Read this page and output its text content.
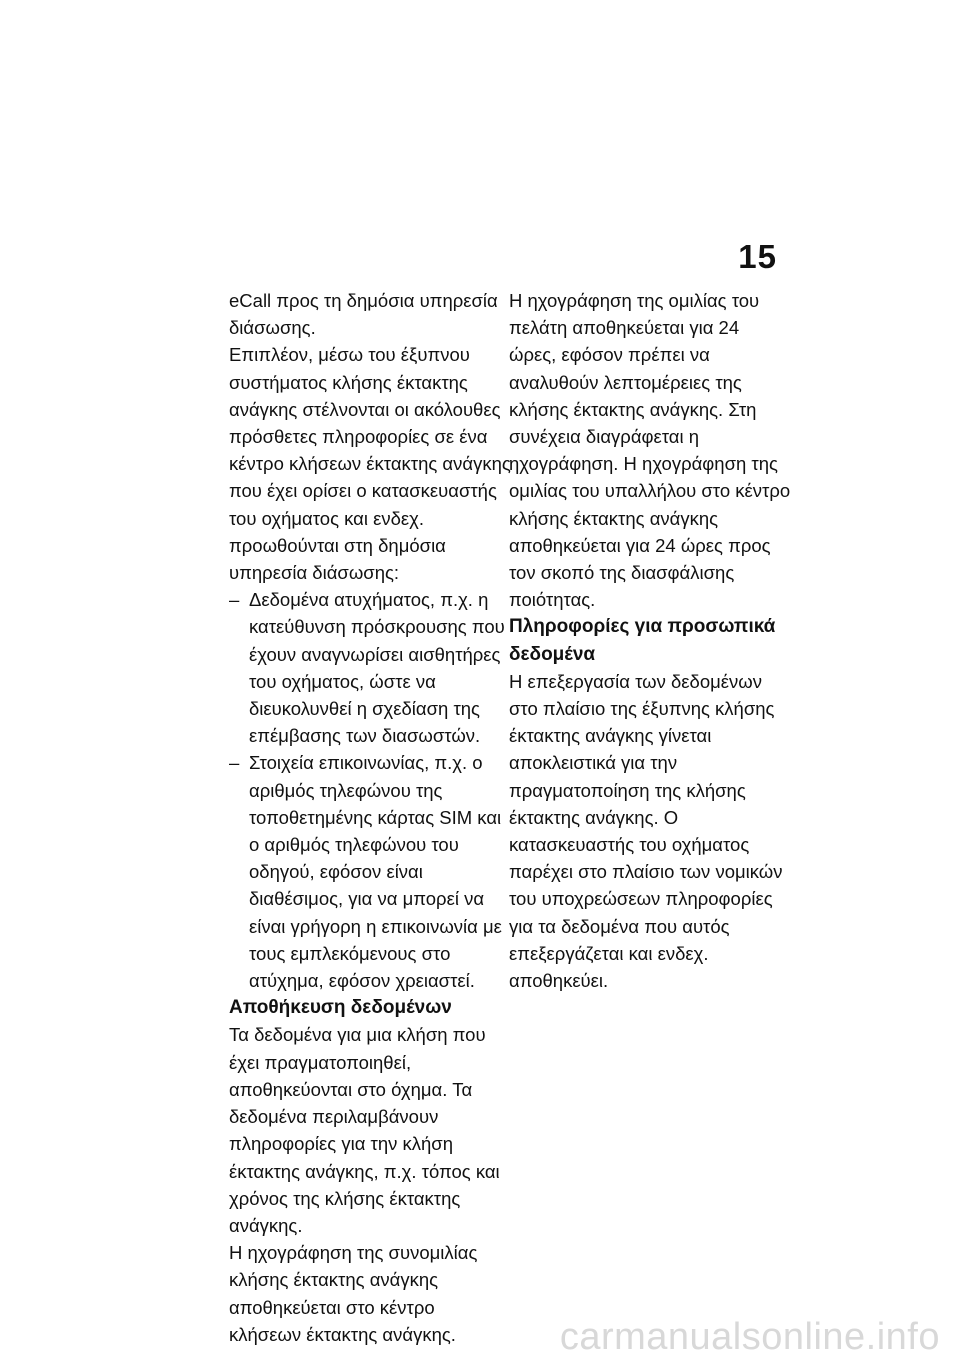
15

eCall προς τη δημόσια υπηρεσία διάσωσης.

Επιπλέον, μέσω του έξυπνου συστήματος κλήσης έκτακτης ανάγκης στέλνονται οι ακόλουθες πρόσθετες πληροφορίες σε ένα κέντρο κλήσεων έκτακτης ανάγκης που έχει ορίσει ο κατασκευαστής του οχήματος και ενδεχ. προωθούνται στη δημόσια υπηρεσία διάσωσης:

– Δεδομένα ατυχήματος, π.χ. η κατεύθυνση πρόσκρουσης που έχουν αναγνωρίσει αισθητήρες του οχήματος, ώστε να διευκολυνθεί η σχεδίαση της επέμβασης των διασωστών.
– Στοιχεία επικοινωνίας, π.χ. ο αριθμός τηλεφώνου της τοποθετημένης κάρτας SIM και ο αριθμός τηλεφώνου του οδηγού, εφόσον είναι διαθέσιμος, για να μπορεί να είναι γρήγορη η επικοινωνία με τους εμπλεκόμενους στο ατύχημα, εφόσον χρειαστεί.

Αποθήκευση δεδομένων

Τα δεδομένα για μια κλήση που έχει πραγματοποιηθεί, αποθηκεύονται στο όχημα. Τα δεδομένα περιλαμβάνουν πληροφορίες για την κλήση έκτακτης ανάγκης, π.χ. τόπος και χρόνος της κλήσης έκτακτης ανάγκης.

Η ηχογράφηση της συνομιλίας κλήσης έκτακτης ανάγκης αποθηκεύεται στο κέντρο κλήσεων έκτακτης ανάγκης.

Η ηχογράφηση της ομιλίας του πελάτη αποθηκεύεται για 24 ώρες, εφόσον πρέπει να αναλυθούν λεπτομέρειες της κλήσης έκτακτης ανάγκης. Στη συνέχεια διαγράφεται η ηχογράφηση. Η ηχογράφηση της ομιλίας του υπαλλήλου στο κέντρο κλήσης έκτακτης ανάγκης αποθηκεύεται για 24 ώρες προς τον σκοπό της διασφάλισης ποιότητας.

Πληροφορίες για προσωπικά δεδομένα

Η επεξεργασία των δεδομένων στο πλαίσιο της έξυπνης κλήσης έκτακτης ανάγκης γίνεται αποκλειστικά για την πραγματοποίηση της κλήσης έκτακτης ανάγκης. Ο κατασκευαστής του οχήματος παρέχει στο πλαίσιο των νομικών του υποχρεώσεων πληροφορίες για τα δεδομένα που αυτός επεξεργάζεται και ενδεχ. αποθηκεύει.

carmanualsonline.info
